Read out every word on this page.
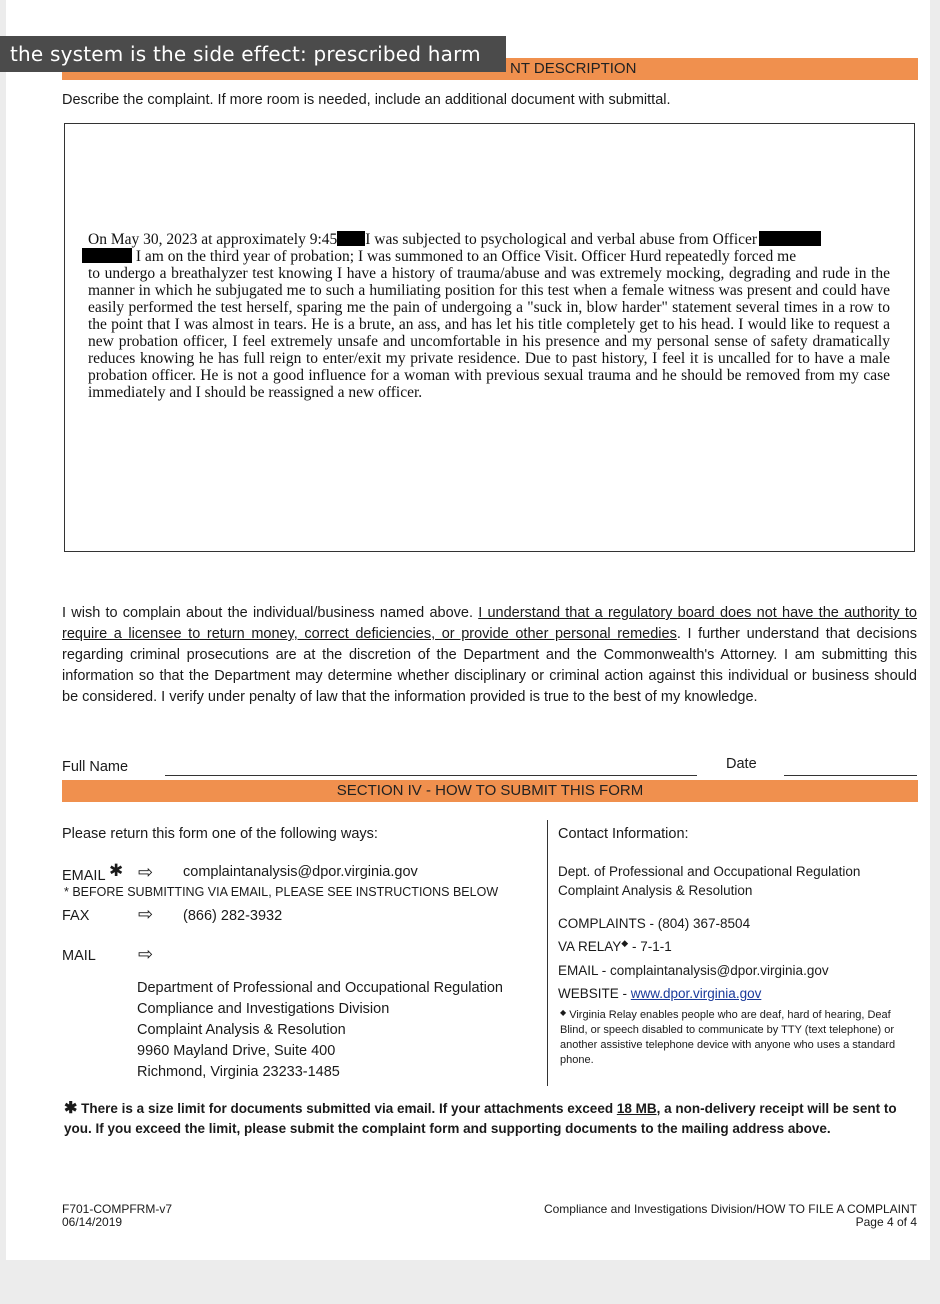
the system is the side effect: prescribed harm
NT DESCRIPTION
Describe the complaint. If more room is needed, include an additional document with submittal.
On May 30, 2023 at approximately 9:45 I was subjected to psychological and verbal abuse from Officer
I am on the third year of probation; I was summoned to an Office Visit. Officer Hurd repeatedly forced me
to undergo a breathalyzer test knowing I have a history of trauma/abuse and was extremely mocking, degrading and rude in the manner in which he subjugated me to such a humiliating position for this test when a female witness was present and could have easily performed the test herself, sparing me the pain of undergoing a "suck in, blow harder" statement several times in a row to the point that I was almost in tears. He is a brute, an ass, and has let his title completely get to his head. I would like to request a new probation officer, I feel extremely unsafe and uncomfortable in his presence and my personal sense of safety dramatically reduces knowing he has full reign to enter/exit my private residence. Due to past history, I feel it is uncalled for to have a male probation officer. He is not a good influence for a woman with previous sexual trauma and he should be removed from my case immediately and I should be reassigned a new officer.
I wish to complain about the individual/business named above. I understand that a regulatory board does not have the authority to require a licensee to return money, correct deficiencies, or provide other personal remedies. I further understand that decisions regarding criminal prosecutions are at the discretion of the Department and the Commonwealth's Attorney. I am submitting this information so that the Department may determine whether disciplinary or criminal action against this individual or business should be considered. I verify under penalty of law that the information provided is true to the best of my knowledge.
Full Name	Date
SECTION IV - HOW TO SUBMIT THIS FORM
Please return this form one of the following ways:
EMAIL ✱ ⇨ complaintanalysis@dpor.virginia.gov
* BEFORE SUBMITTING VIA EMAIL, PLEASE SEE INSTRUCTIONS BELOW
FAX	⇨ (866) 282-3932
MAIL ⇨
Department of Professional and Occupational Regulation
Compliance and Investigations Division
Complaint Analysis & Resolution
9960 Mayland Drive, Suite 400
Richmond, Virginia 23233-1485
Contact Information:
Dept. of Professional and Occupational Regulation
Complaint Analysis & Resolution
COMPLAINTS - (804) 367-8504
VA RELAY◆ - 7-1-1
EMAIL - complaintanalysis@dpor.virginia.gov
WEBSITE - www.dpor.virginia.gov
◆ Virginia Relay enables people who are deaf, hard of hearing, Deaf Blind, or speech disabled to communicate by TTY (text telephone) or another assistive telephone device with anyone who uses a standard phone.
✱ There is a size limit for documents submitted via email. If your attachments exceed 18 MB, a non-delivery receipt will be sent to you. If you exceed the limit, please submit the complaint form and supporting documents to the mailing address above.
F701-COMPFRM-v7
06/14/2019
Compliance and Investigations Division/HOW TO FILE A COMPLAINT
Page 4 of 4
